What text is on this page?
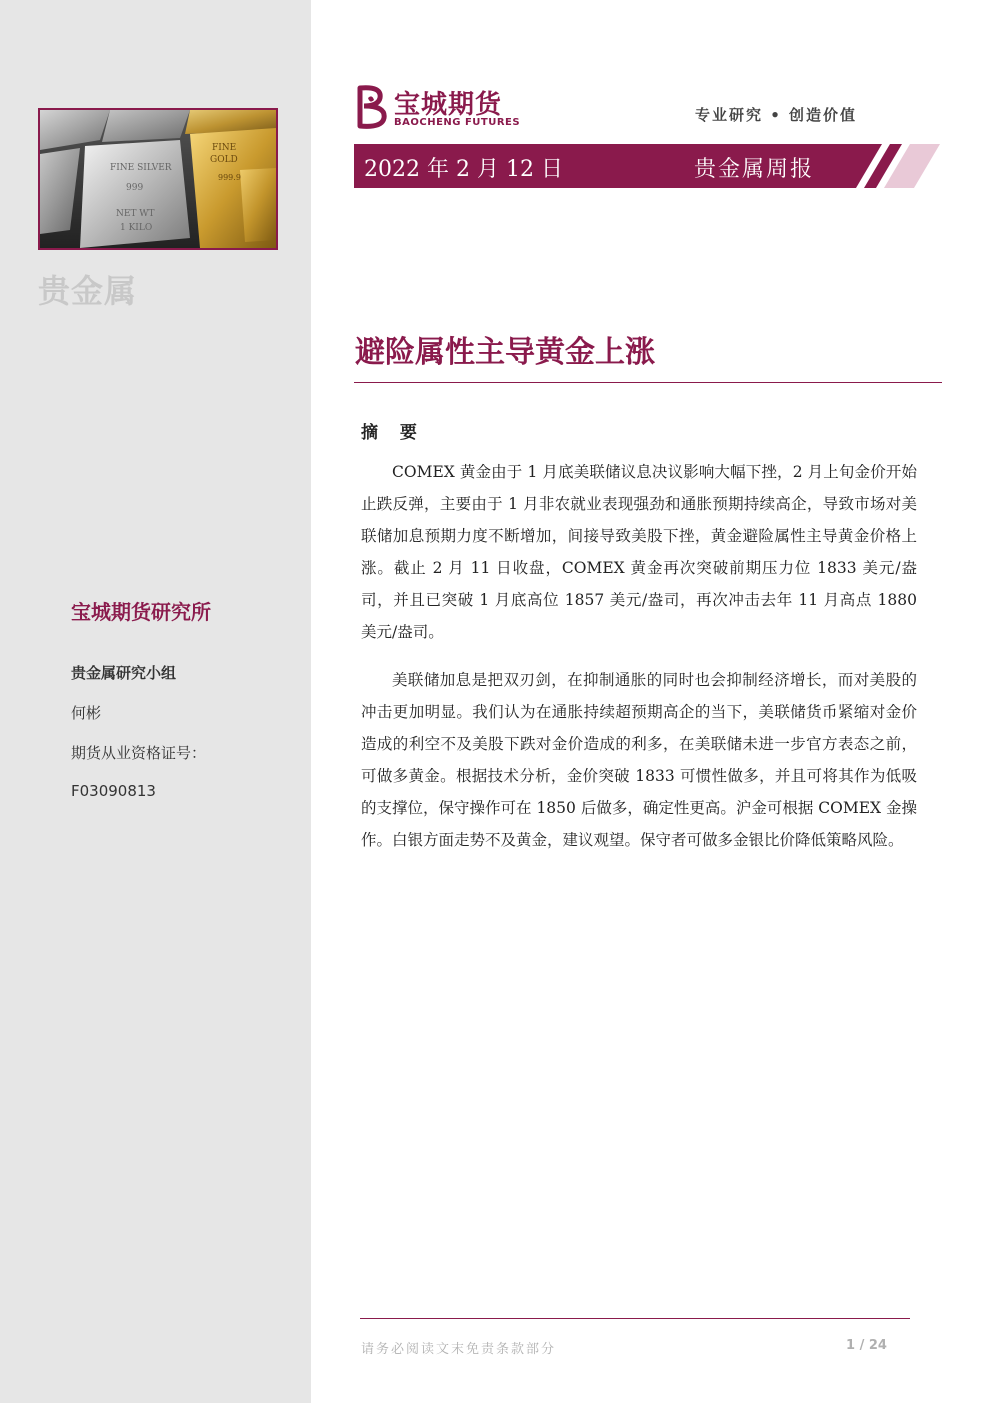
FINE SILVER
999
NET WT
1 KILO
FINE
GOLD
999.9
贵金属
宝城期货研究所
贵金属研究小组
何彬
期货从业资格证号：
F03090813
宝城期货
BAOCHENG FUTURES	专业研究 • 创造价值
2022 年 2 月 12 日	贵金属周报
避险属性主导黄金上涨
摘 要

COMEX 黄金由于 1 月底美联储议息决议影响大幅下挫，2 月上旬金价开始止跌反弹，主要由于 1 月非农就业表现强劲和通胀预期持续高企，导致市场对美联储加息预期力度不断增加，间接导致美股下挫，黄金避险属性主导黄金价格上涨。截止 2 月 11 日收盘，COMEX 黄金再次突破前期压力位 1833 美元/盎司，并且已突破 1 月底高位 1857 美元/盎司，再次冲击去年 11 月高点 1880 美元/盎司。

美联储加息是把双刃剑，在抑制通胀的同时也会抑制经济增长，而对美股的冲击更加明显。我们认为在通胀持续超预期高企的当下，美联储货币紧缩对金价造成的利空不及美股下跌对金价造成的利多，在美联储未进一步官方表态之前，可做多黄金。根据技术分析，金价突破 1833 可惯性做多，并且可将其作为低吸的支撑位，保守操作可在 1850 后做多，确定性更高。沪金可根据 COMEX 金操作。白银方面走势不及黄金，建议观望。保守者可做多金银比价降低策略风险。

请务必阅读文末免责条款部分	1 / 24
